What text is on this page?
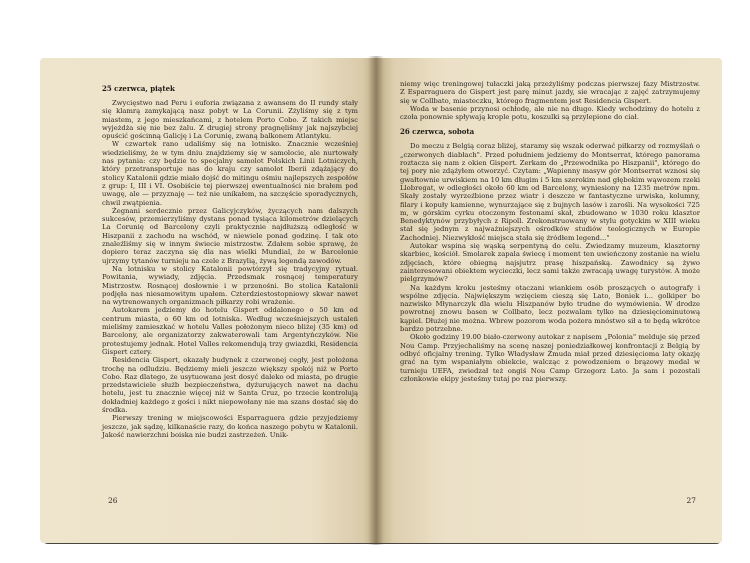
25 czerwca, piątek

Zwycięstwo nad Peru i euforia związana z awansem do II rundy stały się klamrą zamykającą nasz pobyt w La Corunii. Zżyliśmy się z tym miastem, z jego mieszkańcami, z hotelem Porto Cobo. Z takich miejsc wyjeżdża się nie bez żalu. Z drugiej strony pragnęliśmy jak najszybciej opuścić gościnną Galicję i La Corunię, zwaną balkonem Atlantyku.

W czwartek rano udaliśmy się na lotnisko. Znacznie wcześniej wiedzieliśmy, że w tym dniu znajdziemy się w samolocie, ale nurtowały nas pytania: czy będzie to specjalny samolot Polskich Linii Lotniczych, który przetransportuje nas do kraju czy samolot Iberii zdążający do stolicy Katalonii gdzie miało dojść do mitingu ośmiu najlepszych zespołów z grup: I, III i VI. Osobiście tej pierwszej ewentualności nie brałem pod uwagę, ale — przyznaję — też nie unikałem, na szczęście sporadycznych, chwil zwątpienia.

Żegnani serdecznie przez Galicyjczyków, życzących nam dalszych sukcesów, przemierzyliśmy dystans ponad tysiąca kilometrów dzielących La Corunię od Barcelony czyli praktycznie najdłuższą odległość w Hiszpanii z zachodu na wschód, w niewiele ponad godzinę. I tak oto znaleźliśmy się w innym świecie mistrzostw. Zdałem sobie sprawę, że dopiero teraz zaczyna się dla nas wielki Mundial, że w Barcelonie ujrzymy tytanów turnieju na czele z Brazylią, żywą legendą zawodów.

Na lotnisku w stolicy Katalonii powtórzył się tradycyjny rytuał. Powitania, wywiady, zdjęcia. Przedsmak rosnącej temperatury Mistrzostw. Rosnącej dosłownie i w przenośni. Bo stolica Katalonii podjęła nas niesamowitym upałem. Czterdziestostopniowy skwar nawet na wytrenowanych organizmach piłkarzy robi wrażenie.

Autokarem jedziemy do hotelu Gispert oddalonego o 50 km od centrum miasta, o 60 km od lotniska. Według wcześniejszych ustaleń mieliśmy zamieszkać w hotelu Valles położonym nieco bliżej (35 km) od Barcelony, ale organizatorzy zakwaterowali tam Argentyńczyków. Nie protestujemy jednak. Hotel Valles rekomendują trzy gwiazdki, Residencia Gispert cztery.

Residencia Gispert, okazały budynek z czerwonej cegły, jest położona trochę na odludziu. Będziemy mieli jeszcze większy spokój niż w Porto Cobo. Raz dlatego, że usytuowana jest dosyć daleko od miasta, po drugie przedstawiciele służb bezpieczeństwa, dyżurujących nawet na dachu hotelu, jest tu znacznie więcej niż w Santa Cruz, po trzecie kontrolują dokładniej każdego z gości i nikt niepowołany nie ma szans dostać się do środka.

Pierwszy trening w miejscowości Esparraguera gdzie przyjedziemy jeszcze, jak sądzę, kilkanaście razy, do końca naszego pobytu w Katalonii. Jakość nawierzchni boiska nie budzi zastrzeżeń. Unik-

26

niemy więc treningowej tułaczki jaką przeżyliśmy podczas pierwszej fazy Mistrzostw. Z Esparraguera do Gispert jest parę minut jazdy, sie wracając z zajęć zatrzymujemy się w Collbato, miasteczku, którego fragmentem jest Residencia Gispert.

Woda w basenie przynosi ochłodę, ale nie na długo. Kiedy wchodzimy do hotelu z czoła ponownie spływają krople potu, koszulki są przylepione do ciał.

26 czerwca, sobota

Do meczu z Belgią coraz bliżej, staramy się wszak oderwać piłkarzy od rozmyślań o „czerwonych diabłach". Przed południem jedziemy do Montserrat, którego panorama roztacza się nam z okien Gispert. Zerkam do „Przewodnika po Hiszpanii", którego do tej pory nie zdążyłem otworzyć. Czytam: „Wapienny masyw gór Montserrat wznosi się gwałtownie urwiskiem na 10 km długim i 5 km szerokim nad głębokim wąwozem rzeki Llobregat, w odległości około 60 km od Barcelony, wyniesiony na 1235 metrów npm. Skały zostały wyrzeźbione przez wiatr i deszcze w fantastyczne urwiska, kolumny, filary i kopuły kamienne, wynurzające się z bujnych lasów i zarośli. Na wysokości 725 m, w górskim cyrku otoczonym festonami skał, zbudowano w 1030 roku klasztor Benedyktynów przybyłych z Ripoll. Zrekonstruowany w stylu gotyckim w XIII wieku stał się jednym z najważniejszych ośrodków studiów teologicznych w Europie Zachodniej. Niezwykłość miejsca stała się źródłem legend..."

Autokar wspina się wąską serpentyną do celu. Zwiedzamy muzeum, klasztorny skarbiec, kościół. Smolarek zapala świecę i moment ten uwieńczony zostanie na wielu zdjęciach, które obiegną najsjutrz prasę hiszpańską. Zawodnicy są żywo zainteresowani obiektem wycieczki, lecz sami także zwracają uwagę turystów. A może pielgrzymów?

Na każdym kroku jesteśmy otaczani wiankiem osób proszących o autografy i wspólne zdjęcia. Największym wzięciem cieszą się Lato, Boniek i... golkiper bo nazwisko Młynarczyk dla wielu Hiszpanów było trudne do wymówienia. W drodze powrotnej znowu basen w Collbato, lecz pozwalam tylko na dziesięciominutową kąpiel. Dłużej nie można. Wbrew pozorom woda pożera mnóstwo sił a te będą wkrótce bardzo potrzebne.

Około godziny 19.00 biało-czerwony autokar z napisem „Polonia" melduje się przed Nou Camp. Przyjechaliśmy na scenę naszej poniedziałkowej konfrontacji z Belgią by odbyć oficjalny trening. Tylko Władysław Żmuda miał przed dziesięcioma laty okazję grać na tym wspaniałym obiekcie, walcząc z powodzeniem o brązowy medal w turnieju UEFA, zwiedzał też ongiś Nou Camp Grzegorz Lato. Ja sam i pozostali członkowie ekipy jesteśmy tutaj po raz pierwszy.

27
